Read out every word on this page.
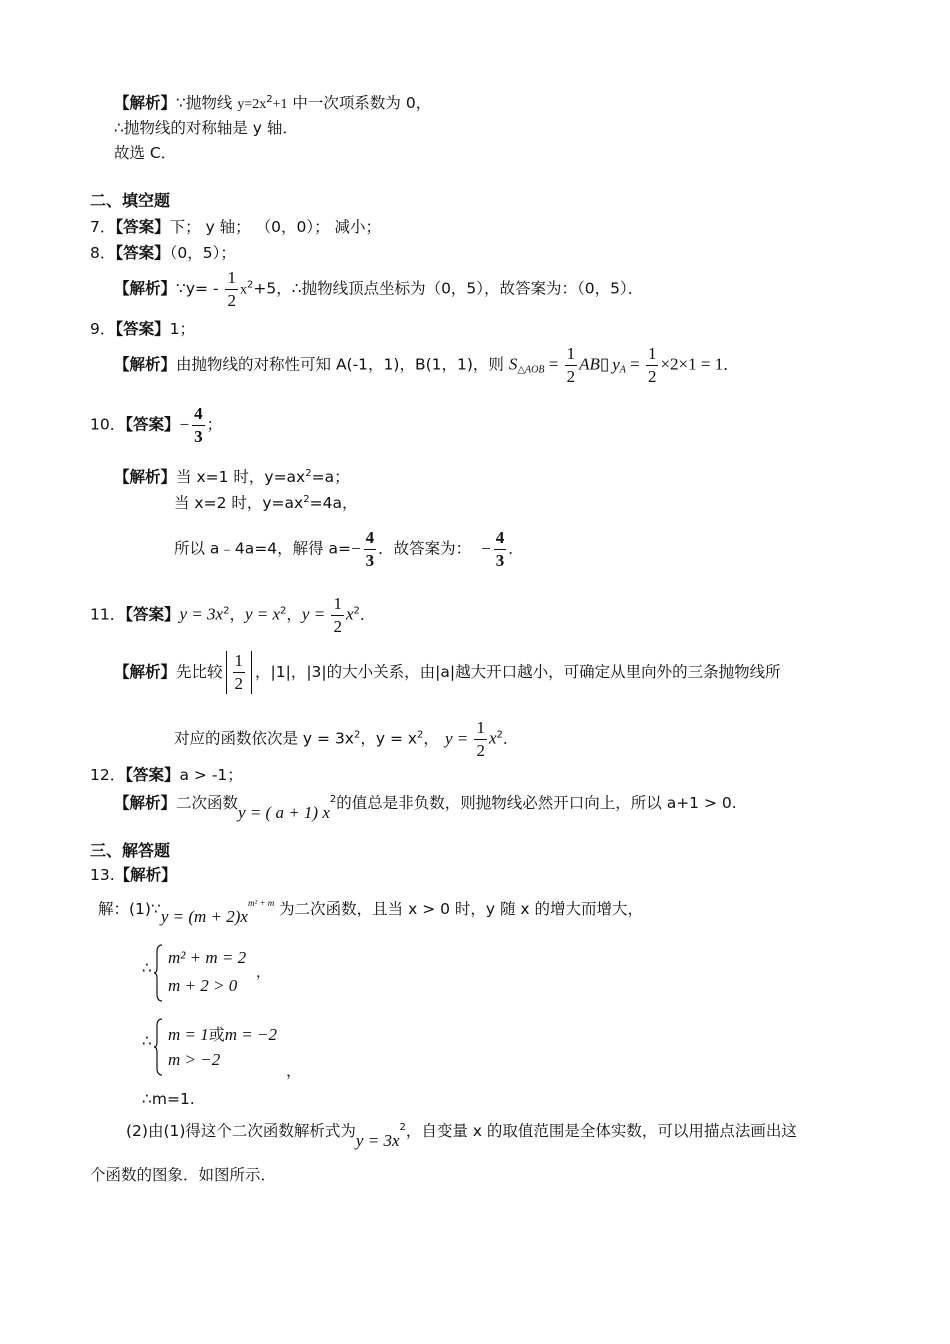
【解析】∵抛物线 $y=2x^2+1$ 中一次项系数为 0，
∴抛物线的对称轴是 y 轴．
故选 C．
二、填空题
7．【答案】下； y 轴； （0，0）； 减小；
8．【答案】（0，5）；
【解析】∵y= - $\frac{1}{2} x^2+5$，∴抛物线顶点坐标为（0，5），故答案为：（0，5）．
9．【答案】1；
【解析】由抛物线的对称性可知 A(-1，1)，B(1，1)，则 $S_{\triangle AOB} = \frac{1}{2}$ AB▯ $y_A = \frac{1}{2} \times 2\times 1 = 1$．
10．【答案】− $\frac{4}{3}$ ；
【解析】当 x=1 时，$y=ax^2=a$；
当 x=2 时，$y=ax^2=4a$，
所以 a﹣4a=4，解得 $a=- \frac{4}{3}$ ．故答案为： − $\frac{4}{3}$ ．
11．【答案】$y = 3x^2$，$y = x^2$，$y = \frac{1}{2} x^2$．
【解析】先比较 $\frac{1}{2}$ ，|1|，|3|的大小关系，由|a|越大开口越小，可确定从里向外的三条抛物线所
对应的函数依次是 $y = 3x^2$，$y = x^2$， $y = \frac{1}{2} x^2$．
12．【答案】a > -1；
【解析】二次函数y = ( a + 1) $x^2$的值总是非负数，则抛物线必然开口向上，所以 a+1 > 0.
三、解答题
13.【解析】
解：(1)∵y = $(m + 2)x^{m^2 + m}$ 为二次函数，且当 x > 0 时，y 随 x 的增大而增大，
∴
m² + m = 2
m + 2 > 0
，
∴ m = 1或m = −2
m > −2
，
∴m=1.
(2)由(1)得这个二次函数解析式为$y = 3x^2$，自变量 x 的取值范围是全体实数，可以用描点法画出这
个函数的图象．如图所示．
